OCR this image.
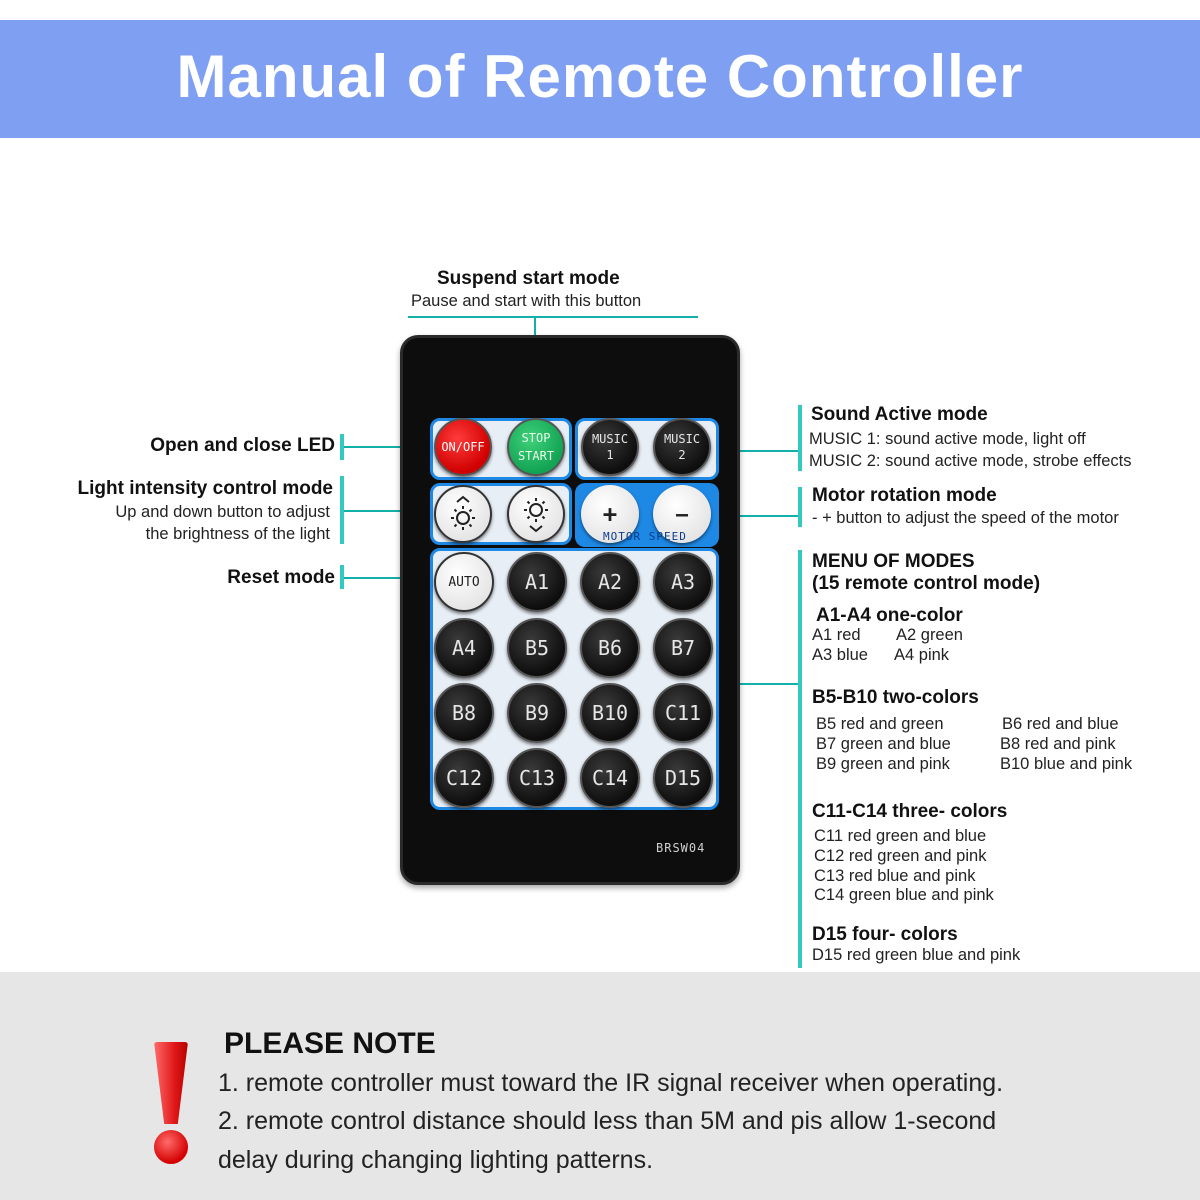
Manual of Remote Controller
Suspend start mode
Pause and start with this button
Open and close LED
Light intensity control mode
Up and down button to adjust
the brightness of the light
Reset mode
Sound Active mode
MUSIC 1: sound active mode, light off
MUSIC 2: sound active mode, strobe effects
Motor rotation mode
- + button to adjust the speed of the motor
MENU OF MODES
(15 remote control mode)
A1-A4 one-color
A1 red A2 green
A3 blue A4 pink
B5-B10 two-colors
B5 red and green	B6 red and blue
B7 green and blue	B8 red and pink
B9 green and pink	B10 blue and pink
C11-C14 three- colors
C11 red green and blue
C12 red green and pink
C13 red blue and pink
C14 green blue and pink
D15 four- colors
D15 red green blue and pink
ON/OFF
STOP
START
MUSIC
1
MUSIC
2
+	—
MOTOR SPEED
AUTO A1 A2 A3
A4 B5 B6 B7
B8 B9 B10 C11
C12 C13 C14 D15
BRSW04
PLEASE NOTE
1. remote controller must toward the IR signal receiver when operating.
2. remote control distance should less than 5M and pis allow 1-second
delay during changing lighting patterns.
